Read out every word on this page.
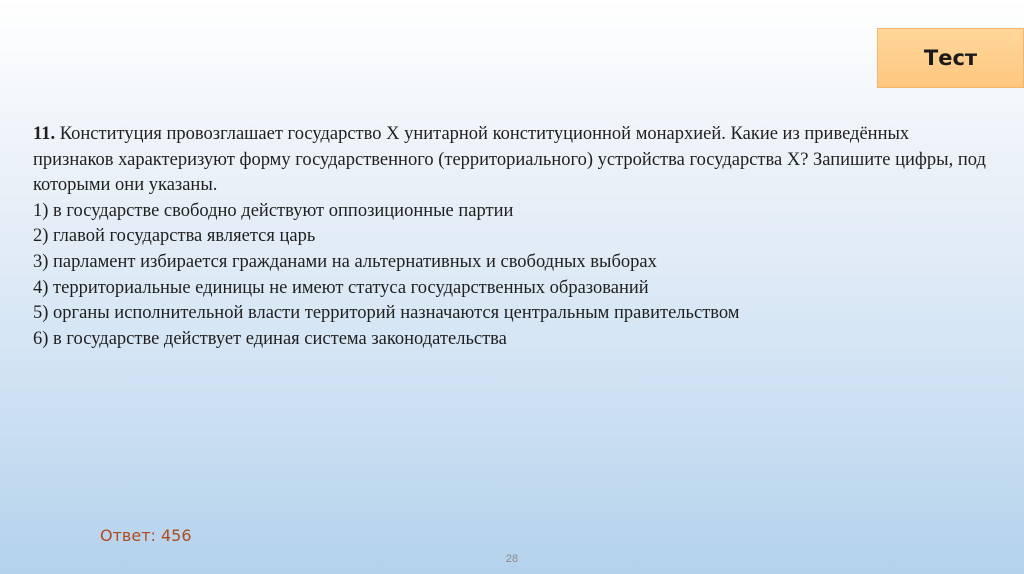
Тест

11. Конституция провозглашает государство Х унитарной конституционной монархией. Какие из приведённых признаков характеризуют форму государственного (территориального) устройства государства Х? Запишите цифры, под которыми они указаны.

1) в государстве свободно действуют оппозиционные партии

2) главой государства является царь

3) парламент избирается гражданами на альтернативных и свободных выборах

4) территориальные единицы не имеют статуса государственных образований

5) органы исполнительной власти территорий назначаются центральным правительством

6) в государстве действует единая система законодательства

Ответ: 456
28
